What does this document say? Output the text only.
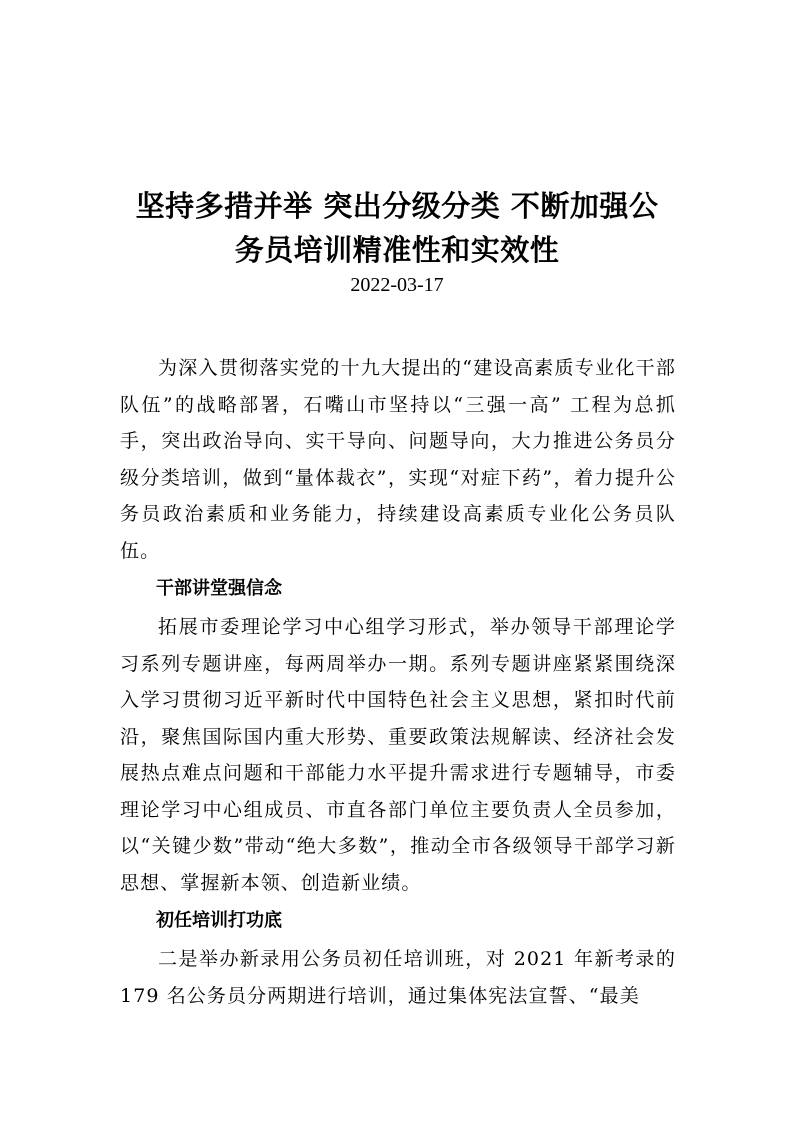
坚持多措并举 突出分级分类 不断加强公
务员培训精准性和实效性
2022-03-17

为深入贯彻落实党的十九大提出的“建设高素质专业化干部队伍”的战略部署，石嘴山市坚持以“三强一高” 工程为总抓手，突出政治导向、实干导向、问题导向，大力推进公务员分级分类培训，做到“量体裁衣”，实现“对症下药”，着力提升公务员政治素质和业务能力，持续建设高素质专业化公务员队伍。

干部讲堂强信念

拓展市委理论学习中心组学习形式，举办领导干部理论学习系列专题讲座，每两周举办一期。系列专题讲座紧紧围绕深入学习贯彻习近平新时代中国特色社会主义思想，紧扣时代前沿，聚焦国际国内重大形势、重要政策法规解读、经济社会发展热点难点问题和干部能力水平提升需求进行专题辅导，市委理论学习中心组成员、市直各部门单位主要负责人全员参加，以“关键少数”带动“绝大多数”，推动全市各级领导干部学习新思想、掌握新本领、创造新业绩。

初任培训打功底

二是举办新录用公务员初任培训班，对 2021 年新考录的 179 名公务员分两期进行培训，通过集体宪法宣誓、“最美
